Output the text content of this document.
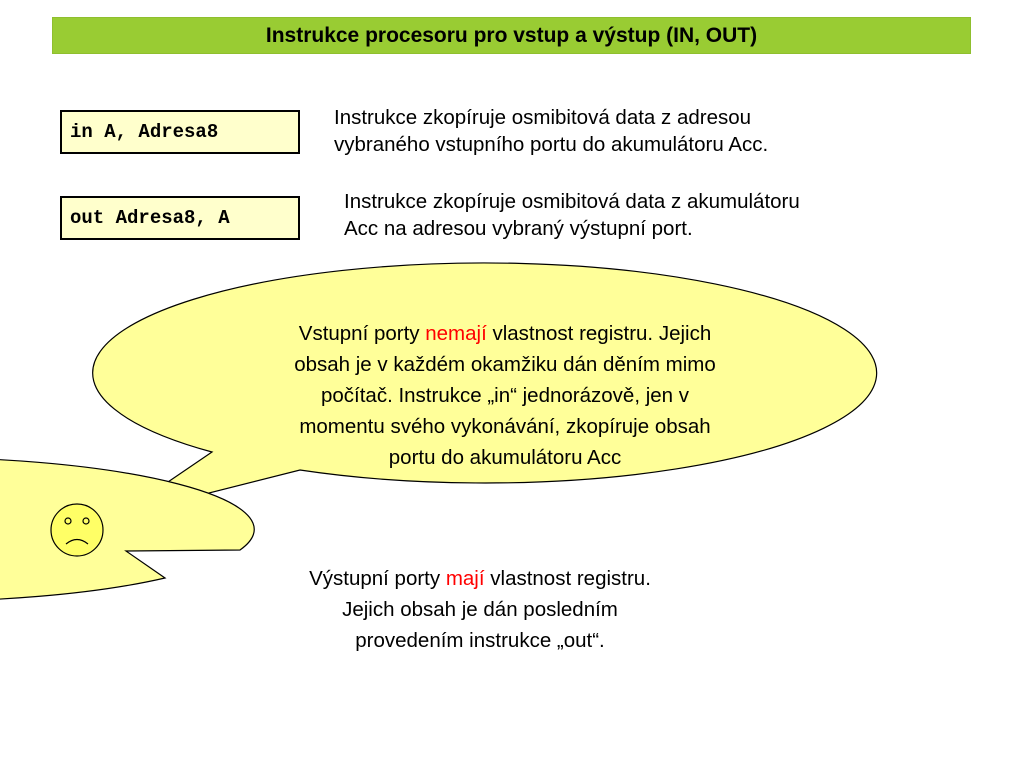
Instrukce procesoru pro vstup a výstup (IN, OUT)
in A, Adresa8
Instrukce zkopíruje osmibitová data z adresou
vybraného vstupního portu do akumulátoru Acc.
out Adresa8, A
Instrukce zkopíruje osmibitová data z akumulátoru
Acc na adresou vybraný výstupní port.
Vstupní porty nemají vlastnost registru. Jejich
obsah je v každém okamžiku dán děním mimo
počítač. Instrukce „in“ jednorázově, jen v
momentu svého vykonávání, zkopíruje obsah
portu do akumulátoru Acc
Výstupní porty mají vlastnost registru.
Jejich obsah je dán posledním
provedením instrukce „out“.
